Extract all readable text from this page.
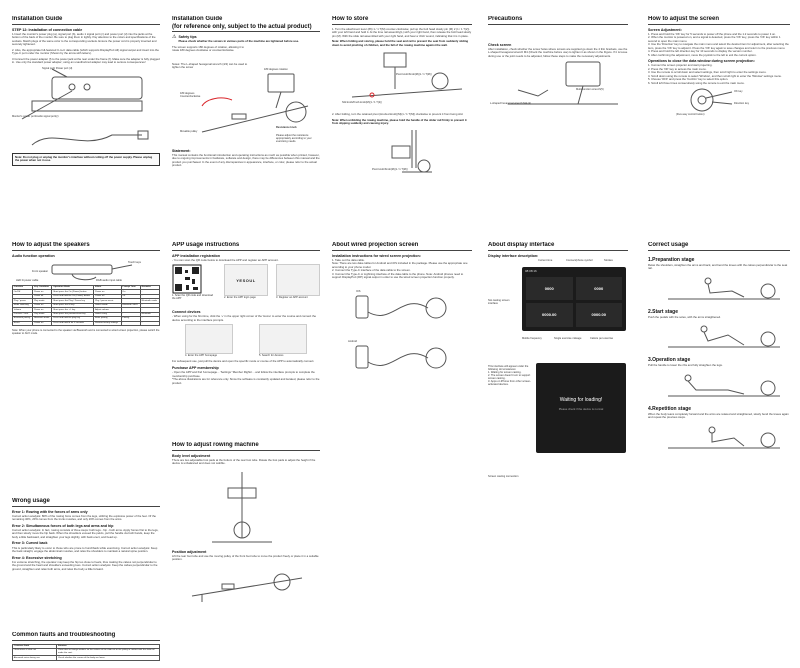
Installation Guide
STEP 12: Installation of connection cable
1.Insert the monitor's power plug (a), signal port (b), audio 1 signal port (c) and power port (d) into the jacks at the bottom of the back of the monitor. Be sure to plug them in tightly. Pay attention to the colors and specifications of the sockets. Match plugs of the same color to the corresponding sockets. Ensure the power cord is properly inserted and securely tightened.
2. Also, the appropriate full-featured C-to-C data cable (which supports DisplayPort Alt) signal output and insert into the Type-C port under the monitor (Shown by the arrow with letters).
3.Connect the power adapter (f) to the power jack at the rear under the frame (f). Make sure the adapter is fully plugged in. Use only the standard power adapter; using an unauthorized adapter may lead to serious consequences!
Signal port/ Power port (d)
Monitor's power port/Audio signal port(c)
Note: Do not plug or unplug the monitor's interface without cutting off the power supply. Please unplug the power when not in use.
Installation Guide
(for reference only, subject to the actual product)
⚠ Safety tips
Please check whether the screws in various parts of the machine are tightened before use.
The screen supports 180 degrees of rotation, allowing it to rotate 180 degrees clockwise or counterclockwise.
Notes: The L-shaped hexagonal wrench (4/2) can be used to tighten the screw	180 degrees rotation
180 degrees Counterclockwise
Resistance knob
Movable pulley
Please adjust the resistance appropriately according to your exercising needs.
Statement:
This manual contains the functional introduction and operating instructions as much as possible when printed, however, due to ongoing improvements in hardware, software and design, there may be differences between this manual and the product you purchased. In the event of any discrepancies in appearance, interface, or color, please refer to the actual product.
How to store
1. Turn the attachment lever (#6) 1 / 1 T(M) counter-clockwise; pull up the bolt head slowly pin (M) 2 (1 / 1 T(2)) with your left hand and hold it. At the time rail assembly(L) with your right hand, then release the bolt head slowly pin (M). With the slide rail assembled with your right hand, and hear a 'click' sound, indicating that it is in place.
Note: When folding and storing, please hold the seat and rail to prevent the seat from suddenly sliding down to avoid pinching of children, and the fall of the rowing machine against the wall.
Pivot knob/Knob(M)(1 / 1 T(M))
Slid knob/Knob knob(M)(1 / 1 T(2))
2. After folding, turn the retained pivot (knurled knob)(M)(1 / 1 T(M)) clockwise to prevent it from being slid.
Note: When unfolding the rowing machine, please hold the handle of the slider rail firmly to prevent it from slipping suddenly and causing injury.
Pivot knob/Knob(M)(1 / 1 T(M))
Precautions
Check screen
After installation, check whether the screw holes where screws are supplied go down the 4 thin brackets, use the L-shaped hexagonal wrench M4 (Check the machine before use) to tighten it as shown in the Figure. If it is loose during use or the joint needs to be adjusted, follow these steps to make the necessary adjustments.
L-shaped hexagonal wrench M4 (4)
Multi-function wrench(5)
How to adjust the screen
Screen Adjustment:
1. Press and hold the 'OK' key for 5 seconds to power off the phone and the 1.2 seconds to power it on.
2. When the monitor is powered on, and a signal is detected, press the 'OK' key, press the 'OK' key within 1 second to open the main menu.
3. Use the 'Direction' key to navigate the main menu and select the desired item for adjustment, after selecting the item, press the 'OK' key to adjust it. Press the 'OK' key again to save changes and return to the previous menu.
4. Press and hold the left direction key for 10 seconds to display the version number.
5. After confirming the adjustment, move the joystick to the left to exit the current option.
Operations to close the data window during screen projection:
1. Connect the screen projector and start projecting.
2. Press the 'OK' key to access the main menu.
3. Use the remote to scroll down and select settings, then scroll right to enter the settings menu.
4. Scroll down using the remote to select 'Window', and then scroll right to enter the 'Window' settings menu.
5. Choose 'OFF' and press the 'Confirm' key to select this option.
6. Scroll left three times consecutively using the remote to exit the main menu.
OK key
Direction key
(Five-way control button)
How to adjust the speakers
Audio function operation
Touch keys
Front speaker
LED lit power cable	RGB audio input cable
Function	Key Condition	Operation Mode	Effect	Prompt Tone	Remarks
On/Off	Power on	Short press the On (Power) button	Power on	On	-
	Power off	Press and hold the On (Power) button	Power off	Off	-
Play / pause	Play mode	Short press the Play / Pause key	Play / pause music	-	Bluetooth mode
Mode switching	Power on	Short press the M key	Switch mode	Bluetooth / AUX	-
Volume	Power on	Short press the +/- key	Adjust volume	-	-
Previous / next	Play mode	Short press the previous/next key	Switch song	-	Bluetooth
Bluetooth pairing	Bluetooth mode	Press and hold the play key	Enter pairing	Pairing	-
Reset	Power on	Press and hold M for 5 seconds	Restore factory settings	-	-
Note: When your phone is connected to the speaker via Bluetooth and is connected to wired screen projection, please switch the speaker to AUX mode.
APP usage instructions
APP installation registration
- You can scan the QR code below to download the APP and register an APP account.
1. Scan the QR code and download the APP
YESOUL
2. Enter the APP login page	3. Register an APP account
Connect devices
- When using for the first time, click the '+' in the upper right corner of the 'Home' to enter the course and connect the device according to the interface prompts.
4. Enter the APP homepage	5. Search for devices
For subsequent use, just pull the device and open the specific mode or course of the APP to automatically connect.
Purchase APP membership
- Open the APP and find 'Homepage... 'Settings' 'Member Rights'... and follow the interface prompts to complete the membership purchase.
*The above illustrations are for reference only. Since the software is constantly updated and iterated, please refer to the product.
About wired projection screen
Installation instructions for wired screen projection:
1. Take out the data cable.
Note: There are two data cables for Android and iOS included in the package. Please use the appropriate one according to your phone model.
2. Connect the Type-C interface of the data cable to the screen.
3. Connect the Type-C or Lightning interface of the data cable to the phone. Note: Android phones need to support DisplayPort (DP) signal output in order to use the wired screen projection function properly.
IOS
Android
About display interface
Display interface description:
Current time	Connect/phone symbol	Strokes
Not casting screen interface
08:08:16
0000	0000
0000.00	0000.00
Mobile frequency	Single exercise mileage	Calorie per exercise
This interface will appear under the following circumstances:
1. Waiting for screen casting.
2. The screen doesn't turn to support screen casting.
3. Apps on iPhone from other screen-activated devices.
Waiting for loading!
Please check if the device is normal
Screen casting connection
Correct usage
1.Preparation stage
Relax the shoulders, straighten the arms and back, and bend the knees with the calves perpendicular to the seat rail.
2.Start stage
Push the pedals with the soles, with the arms straightened.
3.Operation stage
Pull the handle to lower the ribs and fully straighten the legs.
4.Repetition stage
When the body leans completely forward and the arms are relaxed and straightened, slowly bend the knees again and repeat the previous steps.
Wrong usage
Error 1: Rowing with the forces of arms only
Correct action analysis: 80% of the rowing force comes from the legs, utilizing the explosive power of the feet. Of the remaining 40%, 20% comes from the trunk muscles, and only 20% comes from the arms.
Error 2: Simultaneous forces of both legs and arms and hip
Correct action analysis: In fact, rowing consists of three steps: both legs - hip - both arms. Apply forces first to the legs, and then slowly move the hip back. When the shoulders exceed the pelvis, pull the handle via both hands, keep the body a little backward, and straighten your legs slightly, with back erect, and head up.
Error 3: Curved back
This is particularly likely to occur to those who are prone to hunchback while exercising. Correct action analysis: Keep the back straight, engage the abdominal muscles, and relax the shoulders to maintain a natural spine position.
Error 4: Excessive stretching
For extreme stretching, the operator may keep the hip too close to heels, thus making the calves not perpendicular to the ground and the heart and shoulders exceeding toes. Correct action analysis: Keep the calves perpendicular to the ground, straighten and relax both arms, and relax the body a little forward.
Common faults and troubleshooting
Common Fault	Solution
Obstruction of slide rail	Clean dust or foreign matters on the surface of the slide rail or the pulley in contact with the slide rail under the seat.
Abnormal noise during use	Check whether the screws of the body are loose.
How to adjust rowing machine
Body level adjustment
There are two adjustable foot pads at the bottom of the rear foot tube. Rotate the foot pads to adjust the height if the device is unbalanced and does not wobble.
Position adjustment
Lift the rear foot tube and use the moving pulley of the front foot tube to move the product freely or place it in a suitable position.
